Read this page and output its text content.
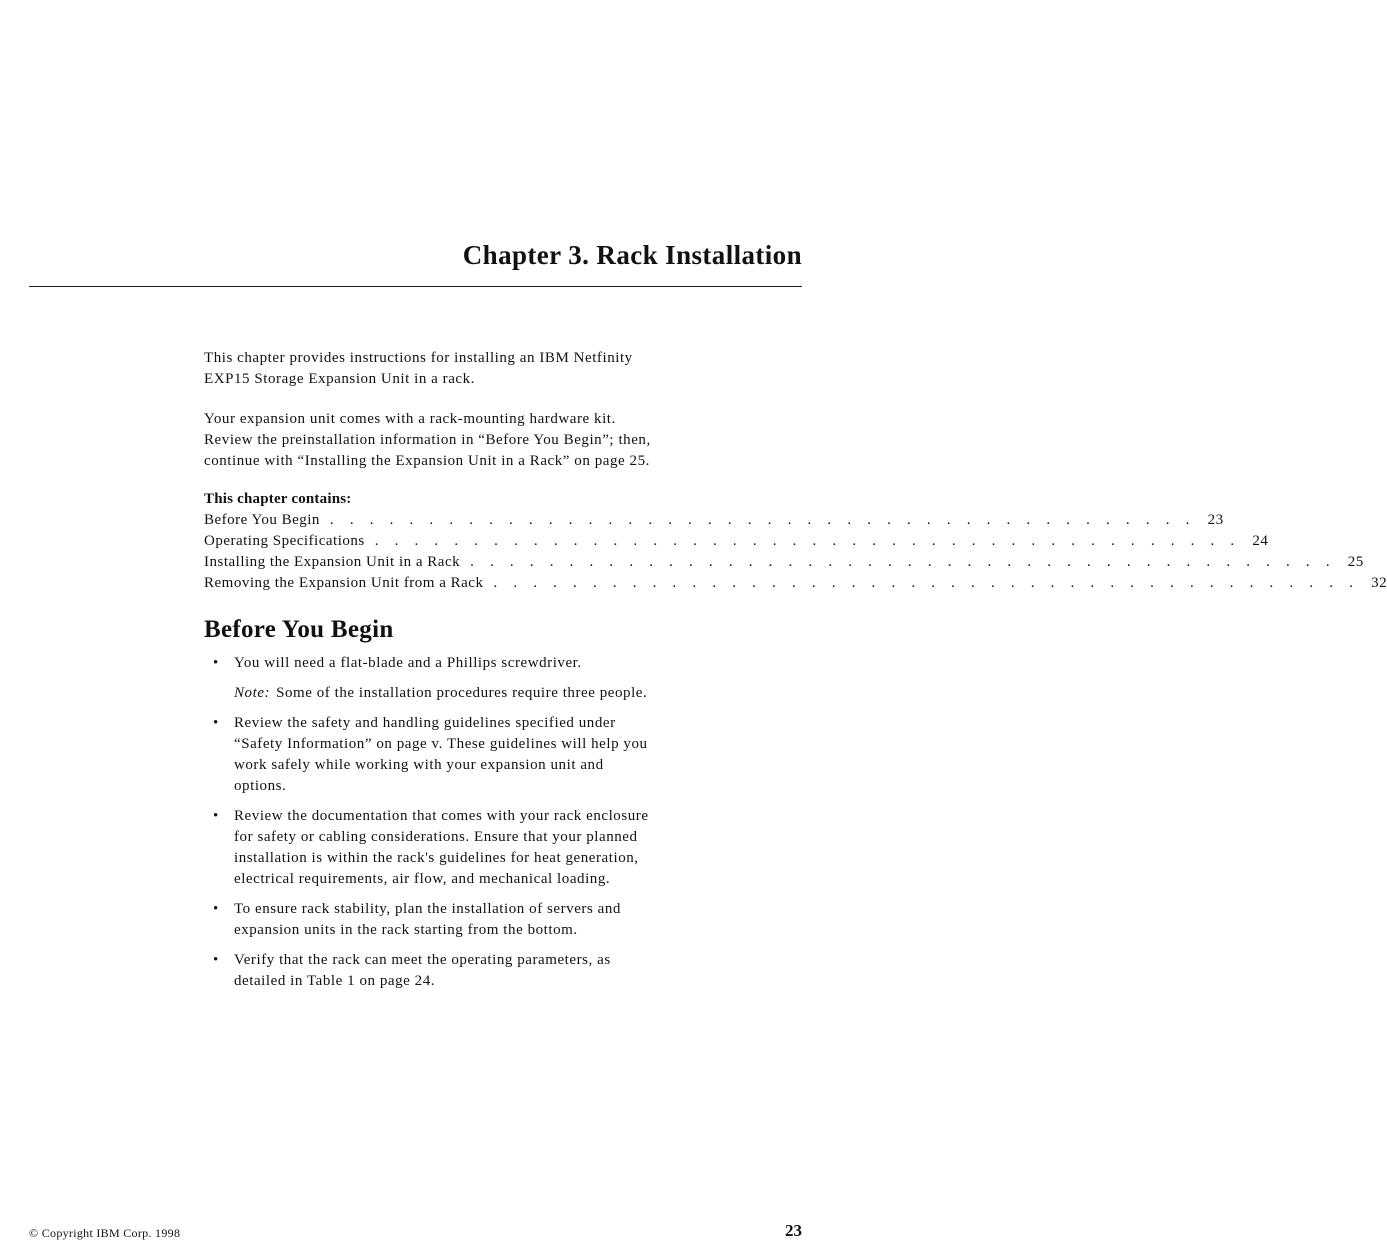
Chapter 3. Rack Installation

This chapter provides instructions for installing an IBM Netfinity
EXP15 Storage Expansion Unit in a rack.

Your expansion unit comes with a rack-mounting hardware kit.
Review the preinstallation information in “Before You Begin”; then,
continue with “Installing the Expansion Unit in a Rack” on page 25.

This chapter contains:
Before You Begin . . . . . . . . . . . . . . . . . . . . . . . . . . . . . . . . . . . . . . . . . . . . 23
Operating Specifications . . . . . . . . . . . . . . . . . . . . . . . . . . . . . . . . . . . . . . . . . . . . 24
Installing the Expansion Unit in a Rack . . . . . . . . . . . . . . . . . . . . . . . . . . . . . . . . . . . . . . . . . . . . 25
Removing the Expansion Unit from a Rack . . . . . . . . . . . . . . . . . . . . . . . . . . . . . . . . . . . . . . . . . . . . 32
Before You Begin
• You will need a flat-blade and a Phillips screwdriver.
Note: Some of the installation procedures require three people.
• Review the safety and handling guidelines specified under
“Safety Information” on page v. These guidelines will help you
work safely while working with your expansion unit and
options.
• Review the documentation that comes with your rack enclosure
for safety or cabling considerations. Ensure that your planned
installation is within the rack's guidelines for heat generation,
electrical requirements, air flow, and mechanical loading.
• To ensure rack stability, plan the installation of servers and
expansion units in the rack starting from the bottom.
• Verify that the rack can meet the operating parameters, as
detailed in Table 1 on page 24.
© Copyright IBM Corp. 1998	23
